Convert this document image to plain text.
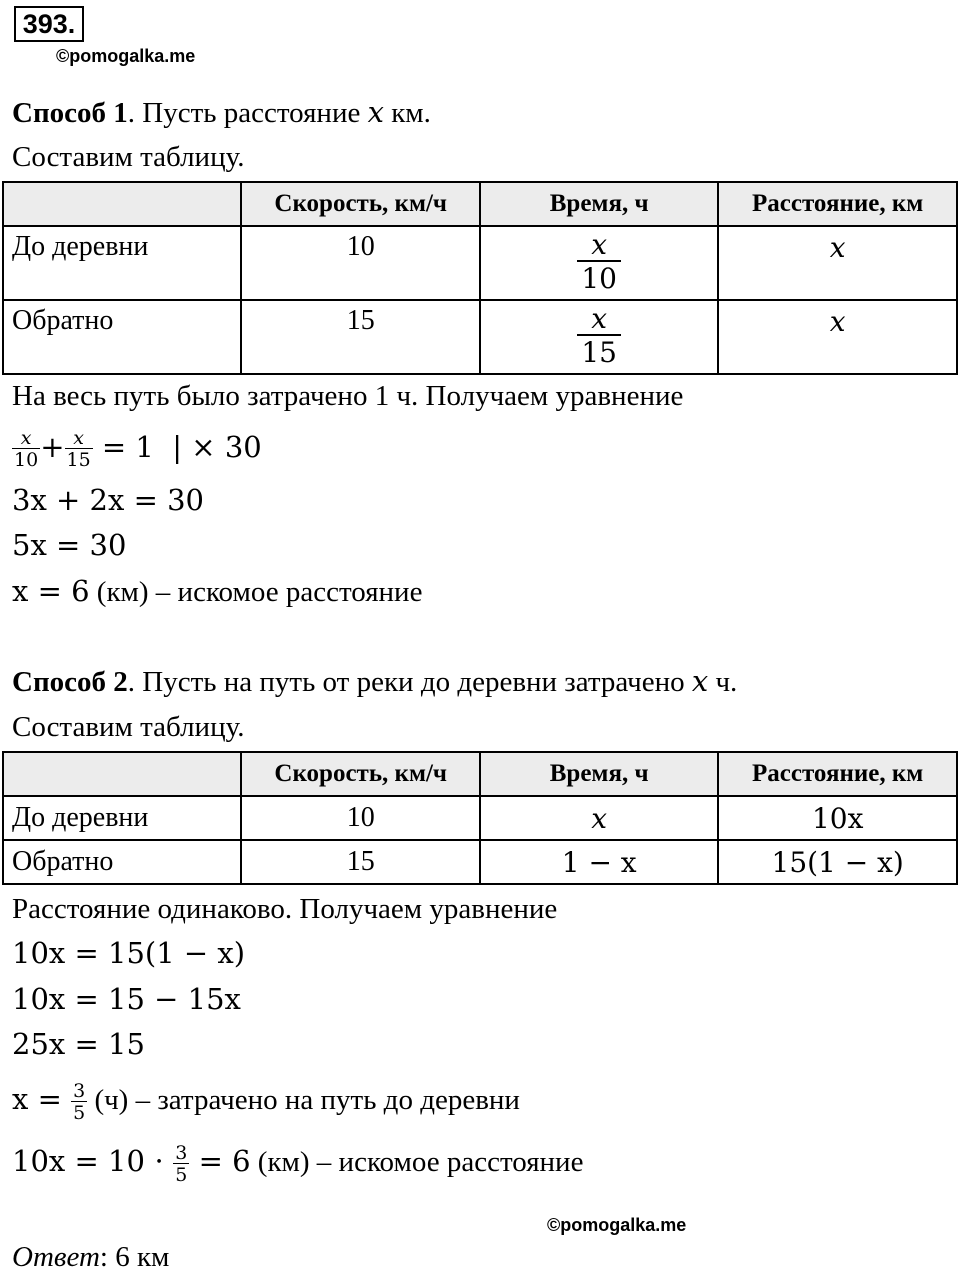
393.
©pomogalka.me
Способ 1. Пусть расстояние x км.
Составим таблицу.
	Скорость, км/ч	Время, ч	Расстояние, км
До деревни	10	$\frac{x}{10}$	x
Обратно	15	$\frac{x}{15}$	x
На весь путь было затрачено 1 ч. Получаем уравнение
$\frac{x}{10} + \frac{x}{15} = 1$  | × 30
3x + 2x = 30
5x = 30
x = 6 (км) – искомое расстояние
Способ 2. Пусть на путь от реки до деревни затрачено x ч.
Составим таблицу.
	Скорость, км/ч	Время, ч	Расстояние, км
До деревни	10	x	10x
Обратно	15	1 − x	15(1 − x)
Расстояние одинаково. Получаем уравнение
10x = 15(1 − x)
10x = 15 − 15x
25x = 15
$x = \frac{3}{5} (ч)$ – затрачено на путь до деревни
$10x = 10 \cdot \frac{3}{5} = 6$ (км) – искомое расстояние
©pomogalka.me
Ответ: 6 км
